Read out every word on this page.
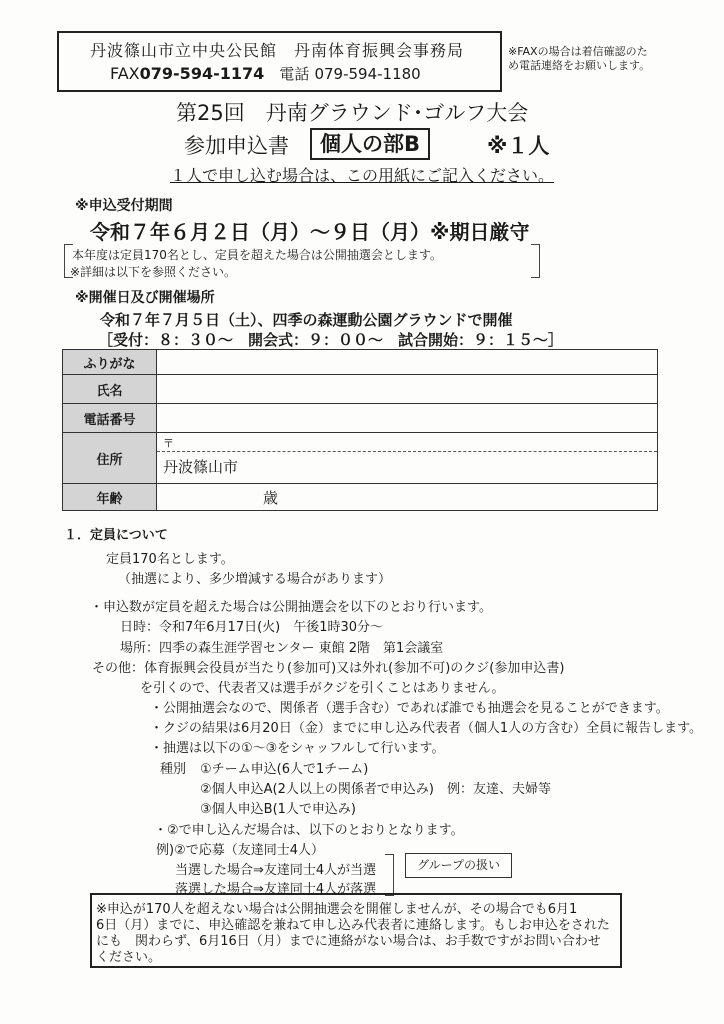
丹波篠山市立中央公民館　丹南体育振興会事務局
FAX079-594-1174 電話 079-594-1180
※FAXの場合は着信確認のた
め電話連絡をお願いします。
第25回　丹南グラウンド･ゴルフ大会
参加申込書	個人の部B	※１人
１人で申し込む場合は、この用紙にご記入ください。
※申込受付期間
令和７年６月２日（月）～９日（月）※期日厳守
本年度は定員170名とし、定員を超えた場合は公開抽選会とします。
※詳細は以下を参照ください。
※開催日及び開催場所
令和７年７月５日（土）、四季の森運動公園グラウンドで開催
［受付：８：３０～　開会式：９：００～　試合開始：９：１５～］
ふりがな	
氏名	
電話番号	
住所	〒
丹波篠山市

年齢	歳
１．定員について
定員170名とします。
（抽選により、多少増減する場合があります）
・申込数が定員を超えた場合は公開抽選会を以下のとおり行います。
日時：令和7年6月17日(火)　午後1時30分～
場所：四季の森生涯学習センター 東館 2階　第1会議室
その他：体育振興会役員が当たり(参加可)又は外れ(参加不可)のクジ(参加申込書)
を引くので、代表者又は選手がクジを引くことはありません。
・公開抽選会なので、関係者（選手含む）であれば誰でも抽選会を見ることができます。
・クジの結果は6月20日（金）までに申し込み代表者（個人1人の方含む）全員に報告します。
・抽選は以下の①～③をシャッフルして行います。
種別 ①チーム申込(6人で1チーム)
②個人申込A(2人以上の関係者で申込み)　例：友達、夫婦等
③個人申込B(1人で申込み)
・②で申し込んだ場合は、以下のとおりとなります。
例)②で応募（友達同士4人）
当選した場合⇒友達同士4人が当選
落選した場合⇒友達同士4人が落選
グループの扱い
※申込が170人を超えない場合は公開抽選会を開催しませんが、その場合でも6月1
6日（月）までに、申込確認を兼ねて申し込み代表者に連絡します。もしお申込をされた
にも　関わらず、6月16日（月）までに連絡がない場合は、お手数ですがお問い合わせ
ください。
